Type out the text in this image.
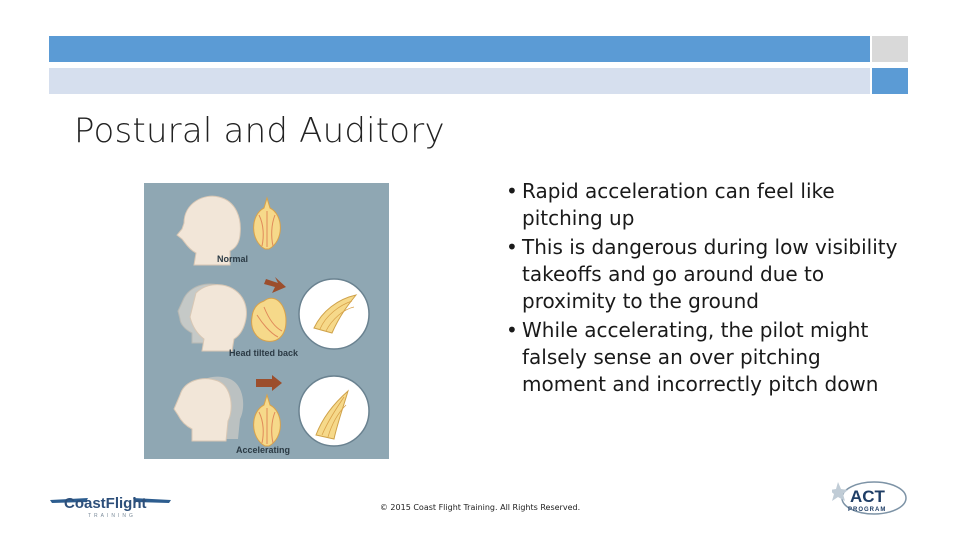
Postural and Auditory
Normal
Head tilted back
Accelerating
• Rapid acceleration can feel like pitching up
• This is dangerous during low visibility takeoffs and go around due to proximity to the ground
• While accelerating, the pilot might falsely sense an over pitching moment and incorrectly pitch down
© 2015 Coast Flight Training. All Rights Reserved.
CoastFlight
TRAINING
ACT
PROGRAM
